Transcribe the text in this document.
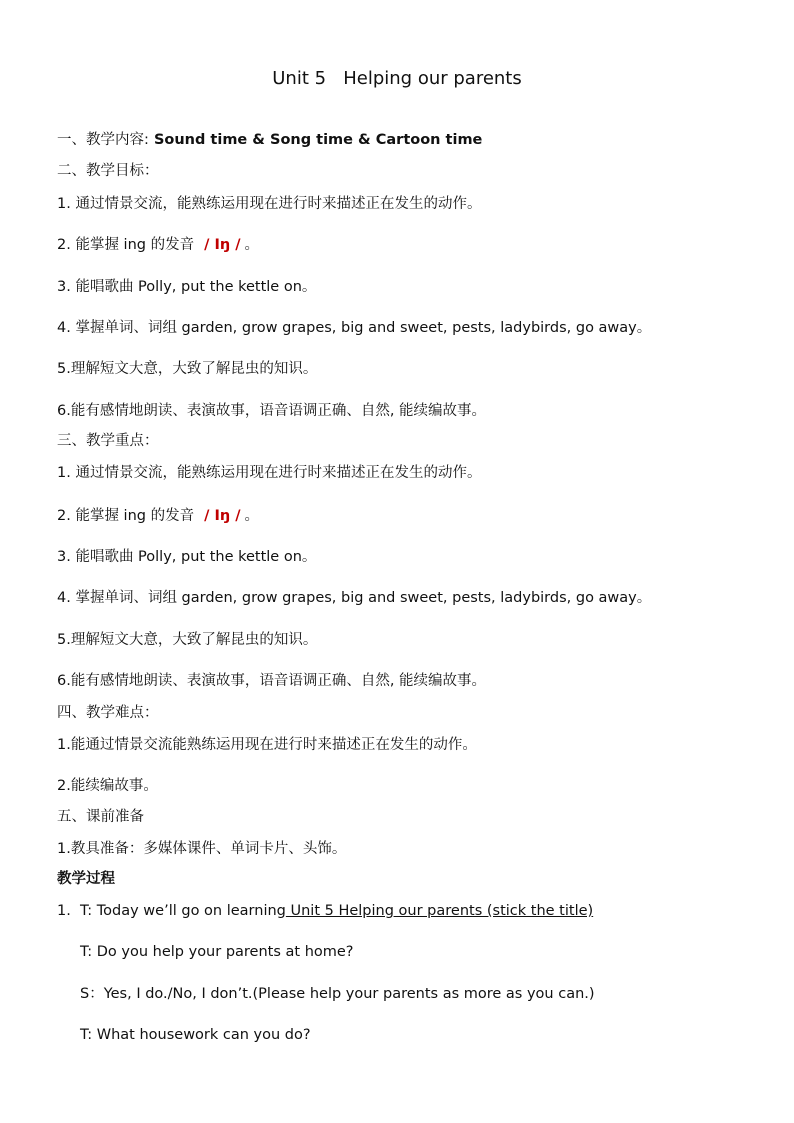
Unit 5   Helping our parents
一、教学内容: Sound time & Song time & Cartoon time
二、教学目标：
1. 通过情景交流，能熟练运用现在进行时来描述正在发生的动作。
2. 能掌握 ing 的发音 / Iŋ / 。
3. 能唱歌曲 Polly, put the kettle on。
4. 掌握单词、词组 garden, grow grapes, big and sweet, pests, ladybirds, go away。
5.理解短文大意，大致了解昆虫的知识。
6.能有感情地朗读、表演故事，语音语调正确、自然, 能续编故事。
三、教学重点：
1. 通过情景交流，能熟练运用现在进行时来描述正在发生的动作。
2. 能掌握 ing 的发音 / Iŋ / 。
3. 能唱歌曲 Polly, put the kettle on。
4. 掌握单词、词组 garden, grow grapes, big and sweet, pests, ladybirds, go away。
5.理解短文大意，大致了解昆虫的知识。
6.能有感情地朗读、表演故事，语音语调正确、自然, 能续编故事。
四、教学难点：
1.能通过情景交流能熟练运用现在进行时来描述正在发生的动作。
2.能续编故事。
五、课前准备
1.教具准备：多媒体课件、单词卡片、头饰。
教学过程
1. T: Today we’ll go on learning Unit 5 Helping our parents (stick the title)
T: Do you help your parents at home?
S：Yes, I do./No, I don’t.(Please help your parents as more as you can.)
T: What housework can you do?
